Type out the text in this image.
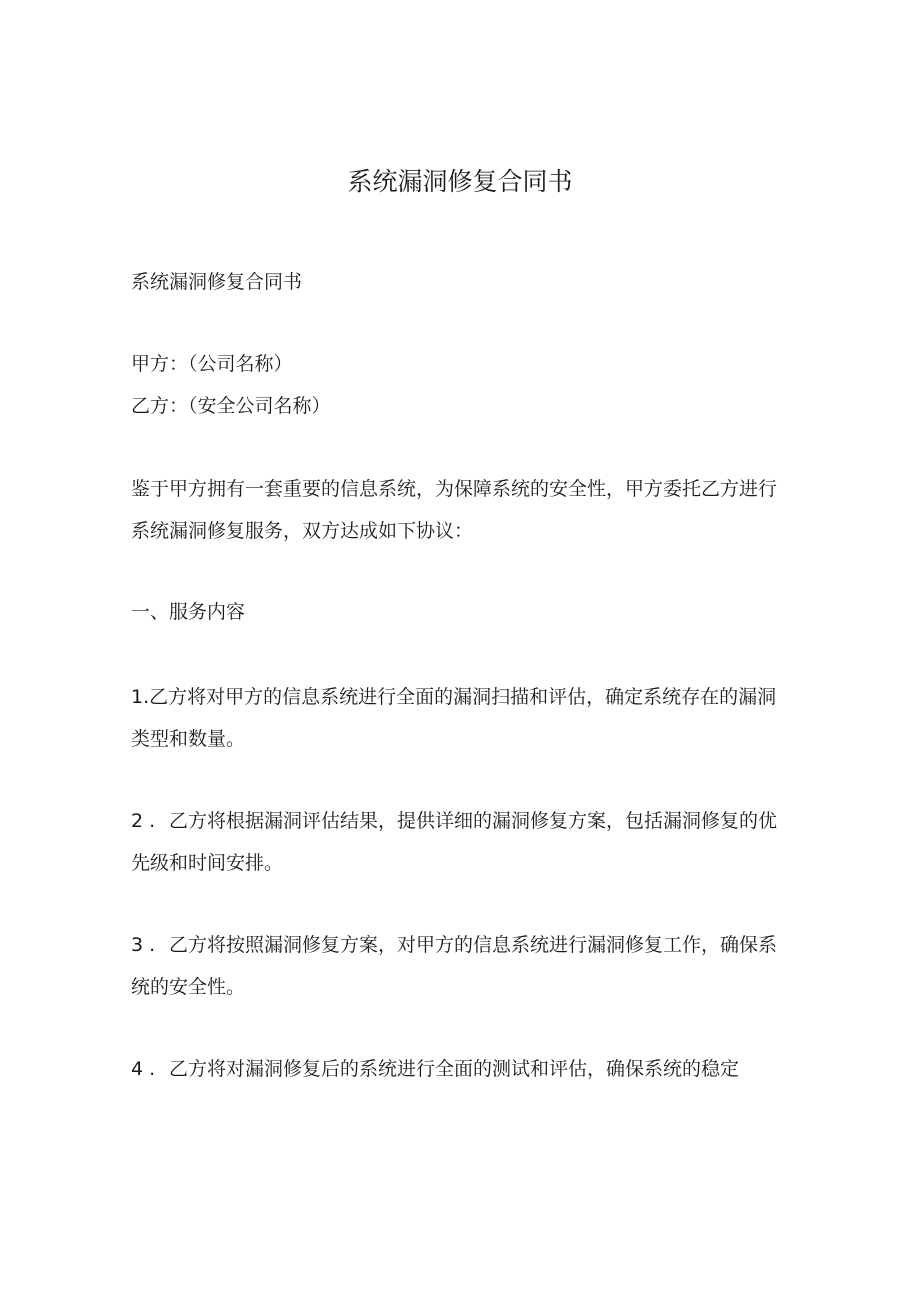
系统漏洞修复合同书
系统漏洞修复合同书
甲方：（公司名称）
乙方：（安全公司名称）
鉴于甲方拥有一套重要的信息系统，为保障系统的安全性，甲方委托乙方进行系统漏洞修复服务，双方达成如下协议：
一、服务内容
1.乙方将对甲方的信息系统进行全面的漏洞扫描和评估，确定系统存在的漏洞类型和数量。
2 . 乙方将根据漏洞评估结果，提供详细的漏洞修复方案，包括漏洞修复的优先级和时间安排。
3 . 乙方将按照漏洞修复方案，对甲方的信息系统进行漏洞修复工作，确保系统的安全性。
4 . 乙方将对漏洞修复后的系统进行全面的测试和评估，确保系统的稳定
